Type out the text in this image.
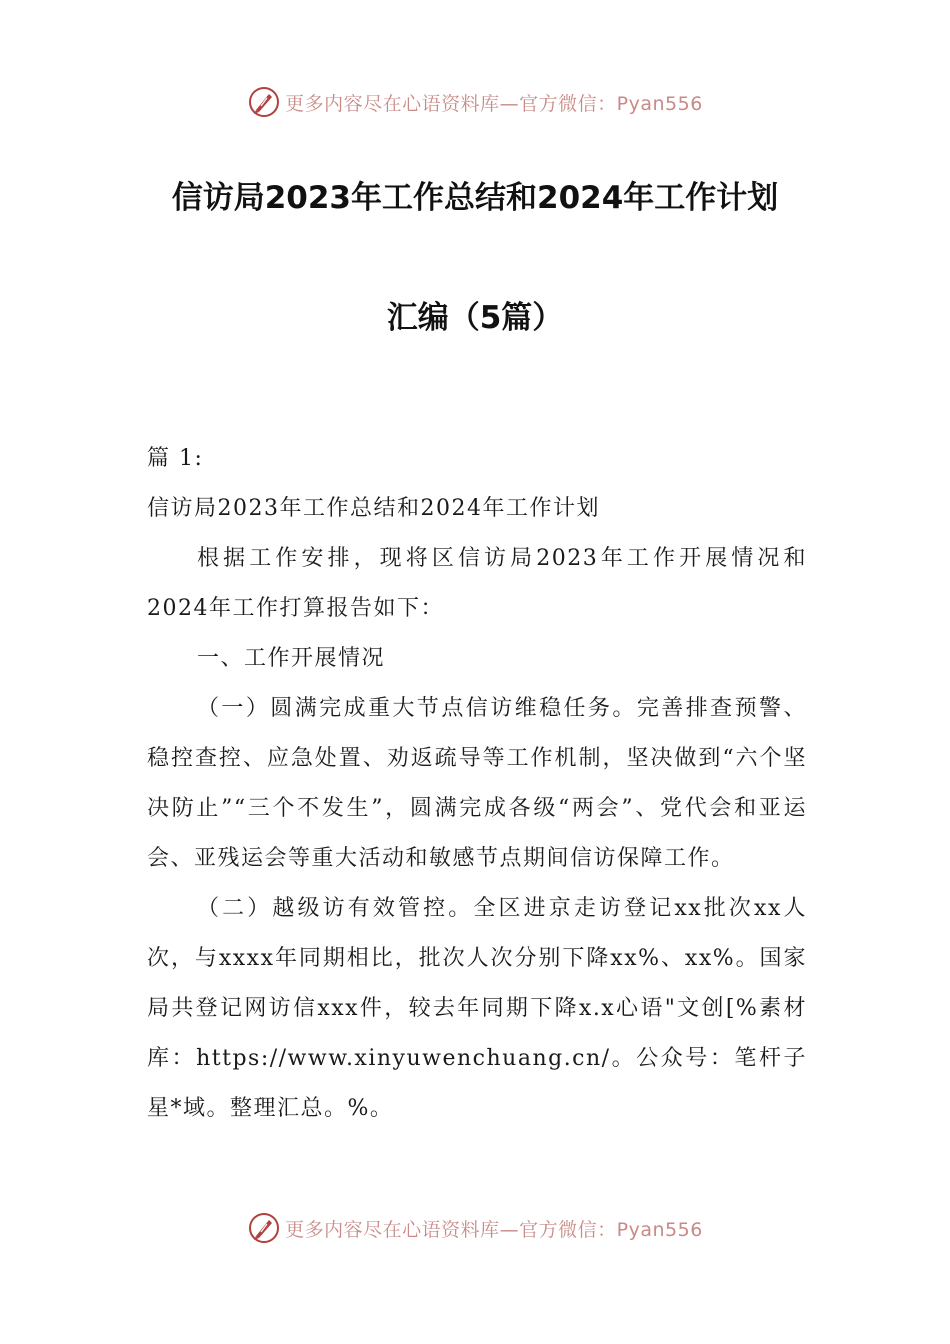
更多内容尽在心语资料库—官方微信：Pyan556
信访局2023年工作总结和2024年工作计划
汇编（5篇）

篇 1:

信访局2023年工作总结和2024年工作计划

根据工作安排，现将区信访局2023年工作开展情况和2024年工作打算报告如下：

一、工作开展情况

（一）圆满完成重大节点信访维稳任务。完善排查预警、稳控查控、应急处置、劝返疏导等工作机制，坚决做到“六个坚决防止”“三个不发生”，圆满完成各级“两会”、党代会和亚运会、亚残运会等重大活动和敏感节点期间信访保障工作。

（二）越级访有效管控。全区进京走访登记xx批次xx人次，与xxxx年同期相比，批次人次分别下降xx%、xx%。国家局共登记网访信xxx件，较去年同期下降x.x心语"文创[%素材库：https://www.xinyuwenchuang.cn/。公众号：笔杆子星*域。整理汇总。%。

更多内容尽在心语资料库—官方微信：Pyan556
